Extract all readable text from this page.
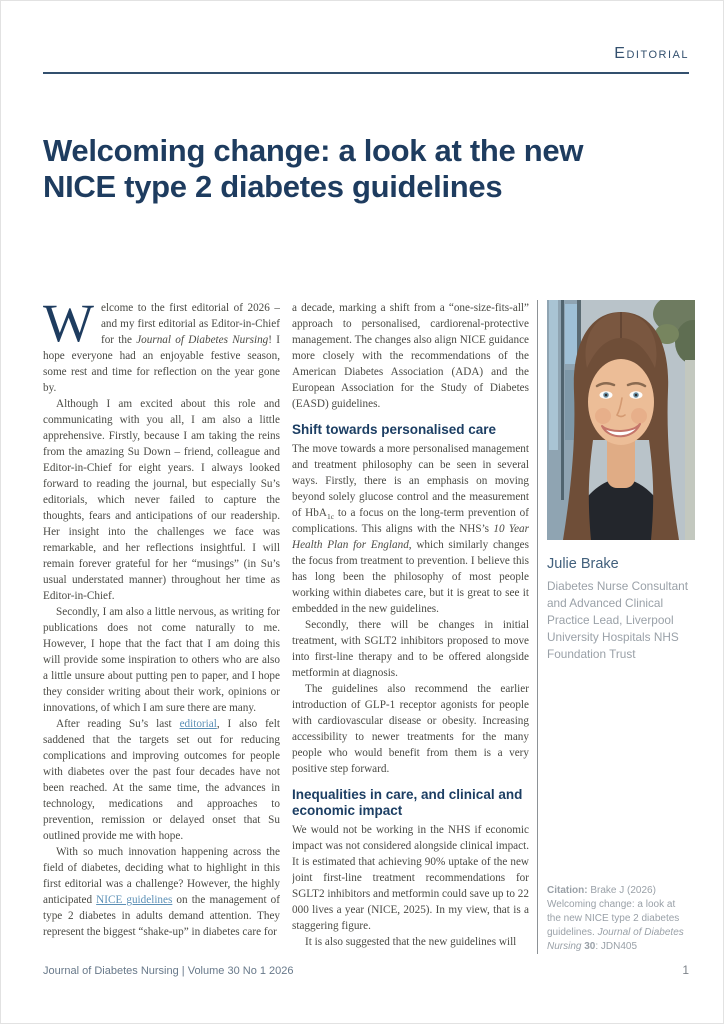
Editorial
Welcoming change: a look at the new NICE type 2 diabetes guidelines

Welcome to the first editorial of 2026 – and my first editorial as Editor-in-Chief for the Journal of Diabetes Nursing! I hope everyone had an enjoyable festive season, some rest and time for reflection on the year gone by.

Although I am excited about this role and communicating with you all, I am also a little apprehensive. Firstly, because I am taking the reins from the amazing Su Down – friend, colleague and Editor-in-Chief for eight years. I always looked forward to reading the journal, but especially Su’s editorials, which never failed to capture the thoughts, fears and anticipations of our readership. Her insight into the challenges we face was remarkable, and her reflections insightful. I will remain forever grateful for her “musings” (in Su’s usual understated manner) throughout her time as Editor-in-Chief.

Secondly, I am also a little nervous, as writing for publications does not come naturally to me. However, I hope that the fact that I am doing this will provide some inspiration to others who are also a little unsure about putting pen to paper, and I hope they consider writing about their work, opinions or innovations, of which I am sure there are many.

After reading Su’s last editorial, I also felt saddened that the targets set out for reducing complications and improving outcomes for people with diabetes over the past four decades have not been reached. At the same time, the advances in technology, medications and approaches to prevention, remission or delayed onset that Su outlined provide me with hope.

With so much innovation happening across the field of diabetes, deciding what to highlight in this first editorial was a challenge? However, the highly anticipated NICE guidelines on the management of type 2 diabetes in adults demand attention. They represent the biggest “shake-up” in diabetes care for

a decade, marking a shift from a “one-size-fits-all” approach to personalised, cardiorenal-protective management. The changes also align NICE guidance more closely with the recommendations of the American Diabetes Association (ADA) and the European Association for the Study of Diabetes (EASD) guidelines.

Shift towards personalised care

The move towards a more personalised management and treatment philosophy can be seen in several ways. Firstly, there is an emphasis on moving beyond solely glucose control and the measurement of HbA$_{1c}$ to a focus on the long-term prevention of complications. This aligns with the NHS’s 10 Year Health Plan for England, which similarly changes the focus from treatment to prevention. I believe this has long been the philosophy of most people working within diabetes care, but it is great to see it embedded in the new guidelines.

Secondly, there will be changes in initial treatment, with SGLT2 inhibitors proposed to move into first-line therapy and to be offered alongside metformin at diagnosis.

The guidelines also recommend the earlier introduction of GLP-1 receptor agonists for people with cardiovascular disease or obesity. Increasing accessibility to newer treatments for the many people who would benefit from them is a very positive step forward.

Inequalities in care, and clinical and economic impact

We would not be working in the NHS if economic impact was not considered alongside clinical impact. It is estimated that achieving 90% uptake of the new joint first-line treatment recommendations for SGLT2 inhibitors and metformin could save up to 22 000 lives a year (NICE, 2025). In my view, that is a staggering figure.

It is also suggested that the new guidelines will

Julie Brake
Diabetes Nurse Consultant and Advanced Clinical Practice Lead, Liverpool University Hospitals NHS Foundation Trust
Citation: Brake J (2026) Welcoming change: a look at the new NICE type 2 diabetes guidelines. Journal of Diabetes Nursing 30: JDN405
Journal of Diabetes Nursing | Volume 30 No 1 2026	1
